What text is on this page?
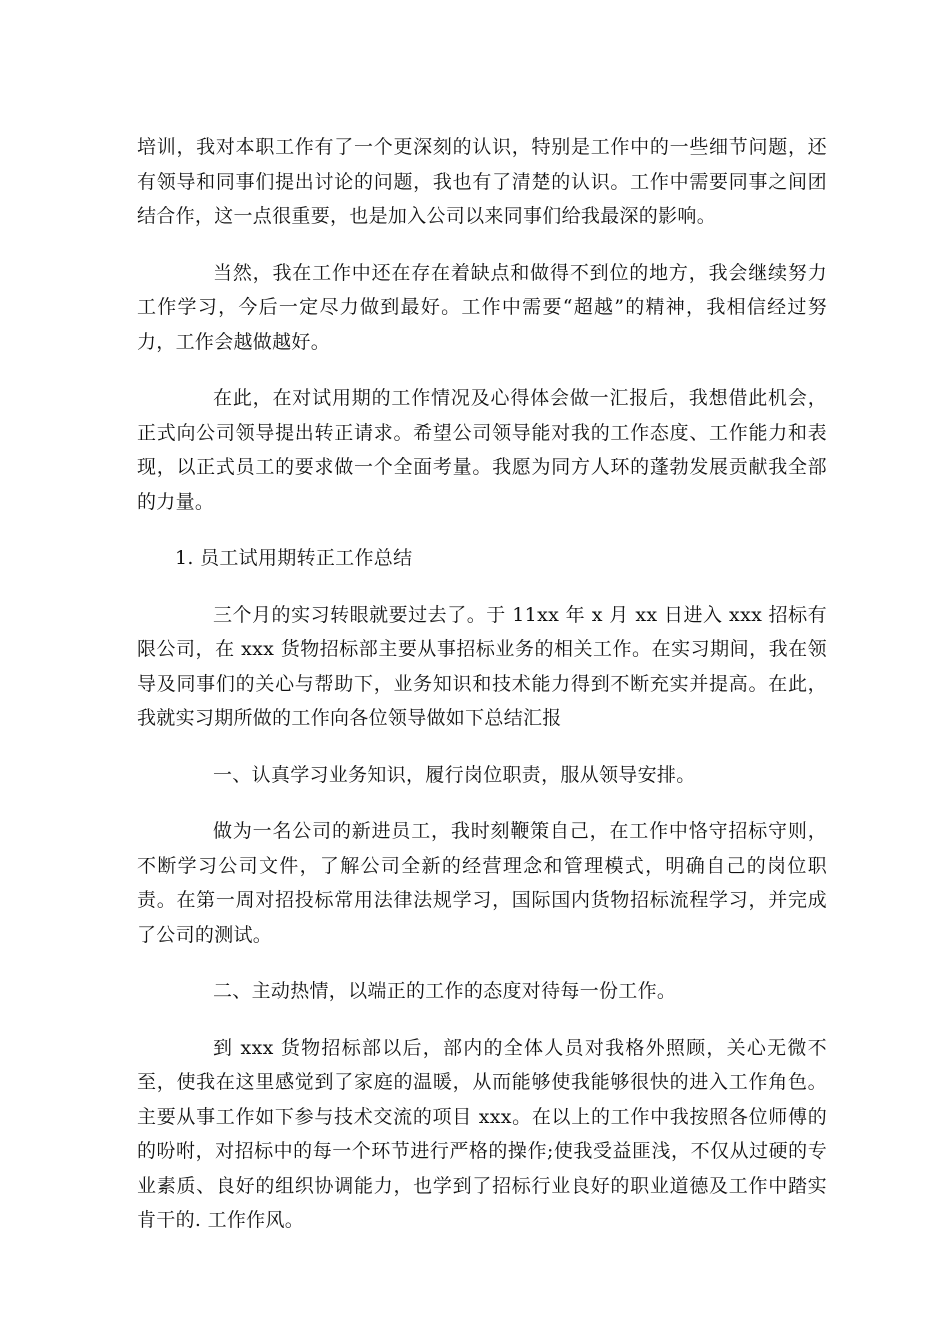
培训，我对本职工作有了一个更深刻的认识，特别是工作中的一些细节问题，还有领导和同事们提出讨论的问题，我也有了清楚的认识。工作中需要同事之间团结合作，这一点很重要，也是加入公司以来同事们给我最深的影响。

当然，我在工作中还在存在着缺点和做得不到位的地方，我会继续努力工作学习，今后一定尽力做到最好。工作中需要“超越”的精神，我相信经过努力，工作会越做越好。

在此，在对试用期的工作情况及心得体会做一汇报后，我想借此机会，正式向公司领导提出转正请求。希望公司领导能对我的工作态度、工作能力和表现，以正式员工的要求做一个全面考量。我愿为同方人环的蓬勃发展贡献我全部的力量。

1. 员工试用期转正工作总结

三个月的实习转眼就要过去了。于 11xx 年 x 月 xx 日进入 xxx 招标有限公司，在 xxx 货物招标部主要从事招标业务的相关工作。在实习期间，我在领导及同事们的关心与帮助下，业务知识和技术能力得到不断充实并提高。在此，我就实习期所做的工作向各位领导做如下总结汇报

一、认真学习业务知识，履行岗位职责，服从领导安排。

做为一名公司的新进员工，我时刻鞭策自己，在工作中恪守招标守则，不断学习公司文件，了解公司全新的经营理念和管理模式，明确自己的岗位职责。在第一周对招投标常用法律法规学习，国际国内货物招标流程学习，并完成了公司的测试。

二、主动热情，以端正的工作的态度对待每一份工作。

到 xxx 货物招标部以后，部内的全体人员对我格外照顾，关心无微不至，使我在这里感觉到了家庭的温暖，从而能够使我能够很快的进入工作角色。主要从事工作如下参与技术交流的项目 xxx。在以上的工作中我按照各位师傅的的吩咐，对招标中的每一个环节进行严格的操作;使我受益匪浅，不仅从过硬的专业素质、良好的组织协调能力，也学到了招标行业良好的职业道德及工作中踏实肯干的. 工作作风。
